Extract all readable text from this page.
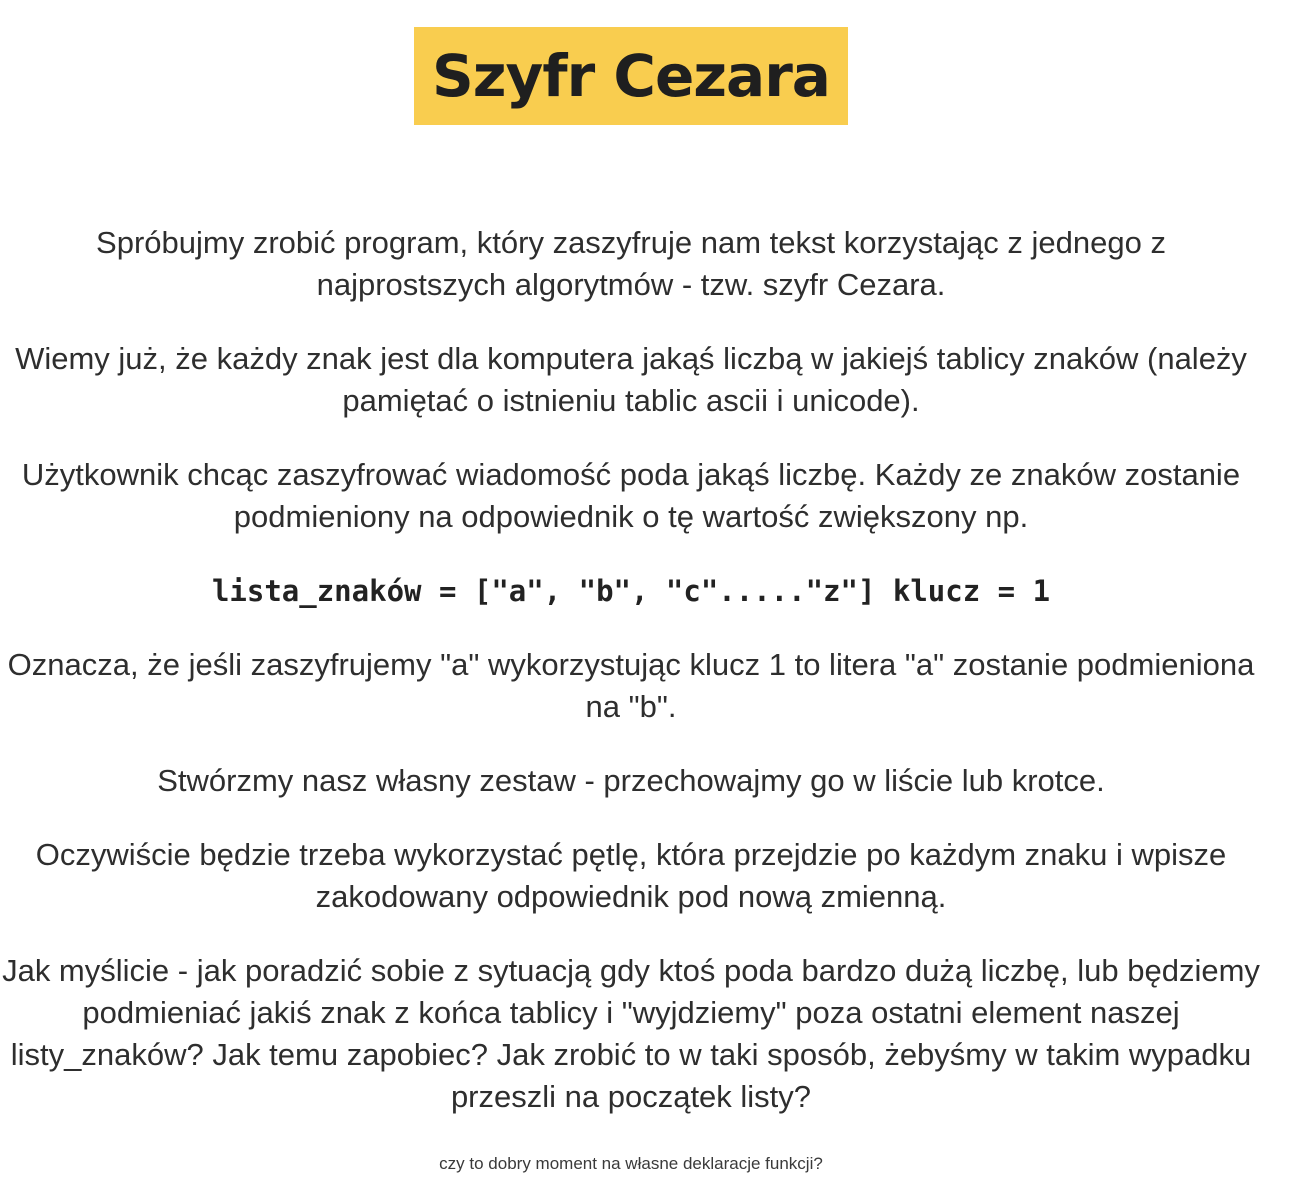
Szyfr Cezara

Spróbujmy zrobić program, który zaszyfruje nam tekst korzystając z jednego z najprostszych algorytmów - tzw. szyfr Cezara.

Wiemy już, że każdy znak jest dla komputera jakąś liczbą w jakiejś tablicy znaków (należy pamiętać o istnieniu tablic ascii i unicode).

Użytkownik chcąc zaszyfrować wiadomość poda jakąś liczbę. Każdy ze znaków zostanie podmieniony na odpowiednik o tę wartość zwiększony np.

lista_znaków = ["a", "b", "c"....."z"] klucz = 1

Oznacza, że jeśli zaszyfrujemy "a" wykorzystując klucz 1 to litera "a" zostanie podmieniona na "b".

Stwórzmy nasz własny zestaw - przechowajmy go w liście lub krotce.

Oczywiście będzie trzeba wykorzystać pętlę, która przejdzie po każdym znaku i wpisze zakodowany odpowiednik pod nową zmienną.

Jak myślicie - jak poradzić sobie z sytuacją gdy ktoś poda bardzo dużą liczbę, lub będziemy podmieniać jakiś znak z końca tablicy i "wyjdziemy" poza ostatni element naszej listy_znaków? Jak temu zapobiec? Jak zrobić to w taki sposób, żebyśmy w takim wypadku przeszli na początek listy?

czy to dobry moment na własne deklaracje funkcji?
